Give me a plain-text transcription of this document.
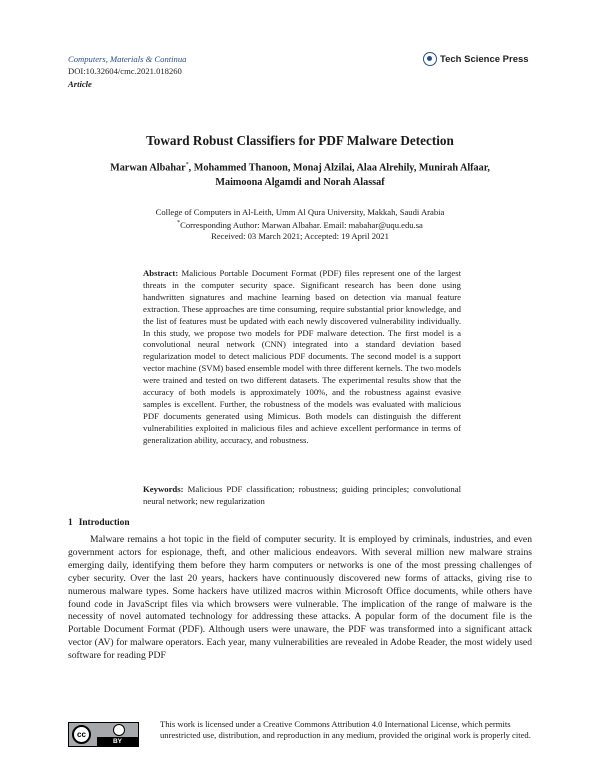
Computers, Materials & Continua
DOI:10.32604/cmc.2021.018260
Article
Tech Science Press
Toward Robust Classifiers for PDF Malware Detection
Marwan Albahar*, Mohammed Thanoon, Monaj Alzilai, Alaa Alrehily, Munirah Alfaar,
Maimoona Algamdi and Norah Alassaf
College of Computers in Al-Leith, Umm Al Qura University, Makkah, Saudi Arabia
*Corresponding Author: Marwan Albahar. Email: mabahar@uqu.edu.sa
Received: 03 March 2021; Accepted: 19 April 2021
Abstract: Malicious Portable Document Format (PDF) files represent one of the largest threats in the computer security space. Significant research has been done using handwritten signatures and machine learning based on detection via manual feature extraction. These approaches are time consuming, require substantial prior knowledge, and the list of features must be updated with each newly discovered vulnerability individually. In this study, we propose two models for PDF malware detection. The first model is a convolutional neural network (CNN) integrated into a standard deviation based regularization model to detect malicious PDF documents. The second model is a support vector machine (SVM) based ensemble model with three different kernels. The two models were trained and tested on two different datasets. The experimental results show that the accuracy of both models is approximately 100%, and the robustness against evasive samples is excellent. Further, the robustness of the models was evaluated with malicious PDF documents generated using Mimicus. Both models can distinguish the different vulnerabilities exploited in malicious files and achieve excellent performance in terms of generalization ability, accuracy, and robustness.
Keywords: Malicious PDF classification; robustness; guiding principles; convolutional neural network; new regularization
1 Introduction
Malware remains a hot topic in the field of computer security. It is employed by criminals, industries, and even government actors for espionage, theft, and other malicious endeavors. With several million new malware strains emerging daily, identifying them before they harm computers or networks is one of the most pressing challenges of cyber security. Over the last 20 years, hackers have continuously discovered new forms of attacks, giving rise to numerous malware types. Some hackers have utilized macros within Microsoft Office documents, while others have found code in JavaScript files via which browsers were vulnerable. The implication of the range of malware is the necessity of novel automated technology for addressing these attacks. A popular form of the document file is the Portable Document Format (PDF). Although users were unaware, the PDF was transformed into a significant attack vector (AV) for malware operators. Each year, many vulnerabilities are revealed in Adobe Reader, the most widely used software for reading PDF
cc
BY
This work is licensed under a Creative Commons Attribution 4.0 International License, which permits unrestricted use, distribution, and reproduction in any medium, provided the original work is properly cited.
